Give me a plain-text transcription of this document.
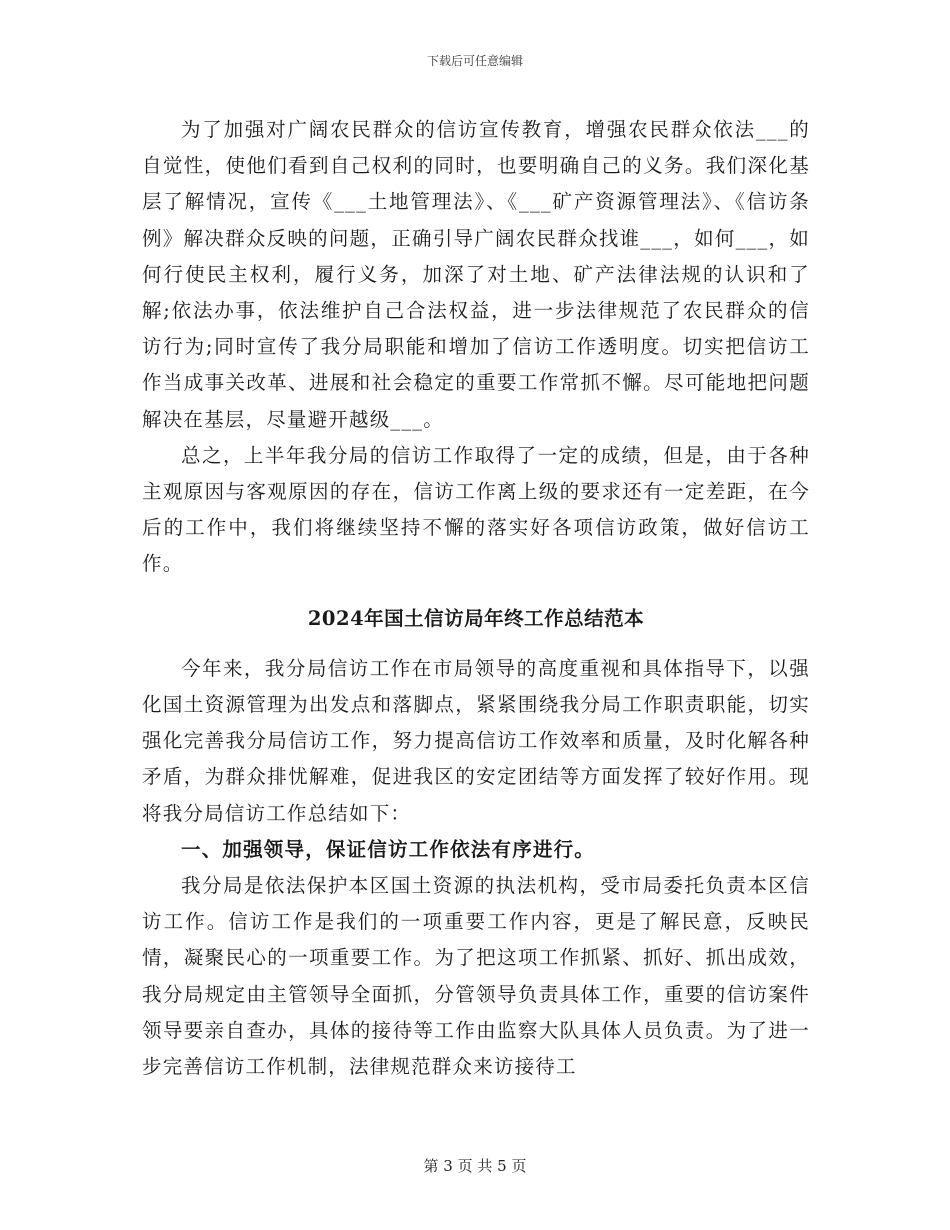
下载后可任意编辑

为了加强对广阔农民群众的信访宣传教育，增强农民群众依法___的自觉性，使他们看到自己权利的同时，也要明确自己的义务。我们深化基层了解情况，宣传《___土地管理法》、《___矿产资源管理法》、《信访条例》解决群众反映的问题，正确引导广阔农民群众找谁___，如何___，如何行使民主权利，履行义务，加深了对土地、矿产法律法规的认识和了解;依法办事，依法维护自己合法权益，进一步法律规范了农民群众的信访行为;同时宣传了我分局职能和增加了信访工作透明度。切实把信访工作当成事关改革、进展和社会稳定的重要工作常抓不懈。尽可能地把问题解决在基层，尽量避开越级___。

总之，上半年我分局的信访工作取得了一定的成绩，但是，由于各种主观原因与客观原因的存在，信访工作离上级的要求还有一定差距，在今后的工作中，我们将继续坚持不懈的落实好各项信访政策，做好信访工作。

2024年国土信访局年终工作总结范本

今年来，我分局信访工作在市局领导的高度重视和具体指导下，以强化国土资源管理为出发点和落脚点，紧紧围绕我分局工作职责职能，切实强化完善我分局信访工作，努力提高信访工作效率和质量，及时化解各种矛盾，为群众排忧解难，促进我区的安定团结等方面发挥了较好作用。现将我分局信访工作总结如下：

一、加强领导，保证信访工作依法有序进行。

我分局是依法保护本区国土资源的执法机构，受市局委托负责本区信访工作。信访工作是我们的一项重要工作内容，更是了解民意，反映民情，凝聚民心的一项重要工作。为了把这项工作抓紧、抓好、抓出成效，我分局规定由主管领导全面抓，分管领导负责具体工作，重要的信访案件领导要亲自查办，具体的接待等工作由监察大队具体人员负责。为了进一步完善信访工作机制，法律规范群众来访接待工

第 3 页 共 5 页
